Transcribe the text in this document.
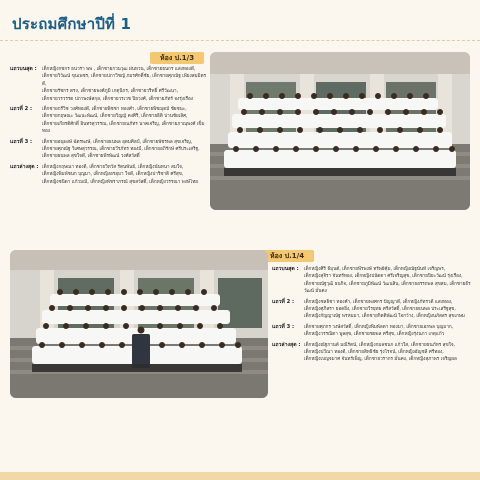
ประถมศึกษาปีที่ 1
ห้อง ป.1/3
แถวบนสุด :	เด็กหญิงกชกร ธนวรา พพ , เด็กชายกวนวุฒ ฝนหวน, เด็กชายธนกร แสงทองดี,
เด็กชายวิวัฒน์ ขุนเพชร, เด็กชายปภาวิชญ์ ภมรศักดิ์ชัย, เด็กชายศุภณัฐ เพียงสมมิตรดี,
เด็กชายรัชกร ตรง, เด็กชายพงศ์ภูมิ เกตุนิกร, เด็กชายวริทธิ์ ศรีวัฒนา,
เด็กชายวรวรรต ปภาพงษ์สกุล, เด็กชายวรเวช ปิยวงศ์, เด็กชายภัทร์ จงรุ่งเรือง
แถวที่ 2 :	เด็กชายกรีวิช วงศ์ทองดี, เด็กชายพิชชา ทองคำ, เด็กชายพิชญุตม์ ชัยชนะ,
เด็กชายกฤษณะ วัฒนะพัฒน์, เด็กชายวิญญ์ คงศิริ, เด็กชายธิติ ปานชัยเลิศ,
เด็กชายเกียรติศักดิ์ อินทรสุวรรณ, เด็กชายณภัทร นาคเจริญ, เด็กชายภาณุพงศ์ เข็มทอง
แถวที่ 3 :	เด็กชายอนุพงษ์ ฉัตรพงษ์, เด็กชายธนพล อุดมศิลป์, เด็กชายพัชรพล สุขเจริญ,
เด็กชายศุภณัฐ วิเศษสุวรรณ, เด็กชายวีรภัทร ทองมี, เด็กชายอภิรักษ์ ศรีประเสริฐ,
เด็กชายธนพล สุขใจดี, เด็กชายพีรพัฒน์ วงศ์สวัสดิ์
แถวล่างสุด : เด็กหญิงกฤษณา ทองดี, เด็กชายวิทวัส รัตนพันธ์, เด็กหญิงนันทนา สมใจ,
เด็กหญิงพิมพ์ชนก บุญมา, เด็กหญิงอรอุมา ใจดี, เด็กหญิงปาริชาติ ศรีสุข,
เด็กหญิงชนิดา แก้วมณี, เด็กหญิงพัชราภรณ์ สุขสวัสดิ์, เด็กหญิงวรรณา พงษ์ไทย
ห้อง ป.1/4
แถวบนสุด :	เด็กหญิงศิริ ธีมุนต์, เด็กชายพีรพงษ์ ทรัพย์คุ้ม, เด็กหญิงณัฐนันท์ เจริญพร,
เด็กหญิงสุจิรา จันทร์ทอง, เด็กหญิงปนัดดา ศรีเจริญสุข, เด็กชายปิยะวัฒน์ รุ่งเรือง,
เด็กชายณัฐวุฒิ ธนกิจ, เด็กชายภูมิพัฒน์ วัฒนสิน, เด็กชายอรรถพล สุขสม, เด็กชายธีรวัฒน์ มั่นคง
แถวที่ 2 :	เด็กหญิงชลธิชา ทองคำ, เด็กชายพงศกร ปัญญาดี, เด็กหญิงภัทรวดี แสงทอง,
เด็กหญิงศุภิสรา ยอดยิ่ง, เด็กชายวีรยุทธ ศรีสวัสดิ์, เด็กชายธนพล ประเสริฐสุข,
เด็กหญิงกัญญาณัฐ พรหมมา, เด็กชายกิตติพัฒน์ ใจกว้าง, เด็กหญิงนภัสสร สุขเกษม
แถวที่ 3 :	เด็กชายศุภกร วงษ์สวัสดิ์, เด็กหญิงพิมพ์ลดา ทองมา, เด็กชายเอกพล บุญมาก,
เด็กหญิงวรรณิดา พูลสุข, เด็กชายชยพล ศรีสุข, เด็กหญิงรุ่งนภา เกตุแก้ว
แถวล่างสุด : เด็กหญิงณัฐกานต์ มณีรัตน์, เด็กหญิงกมลชนก แก้วใส, เด็กชายธนภัทร สุขใจ,
เด็กหญิงปวีณา ทองดี, เด็กชายสิทธิชัย รุ่งโรจน์, เด็กหญิงอัญชลี ศรีทอง,
เด็กหญิงเบญจมาศ จันทร์เพ็ญ, เด็กชายวรากร มั่นคง, เด็กหญิงสุภาพร เจริญผล
